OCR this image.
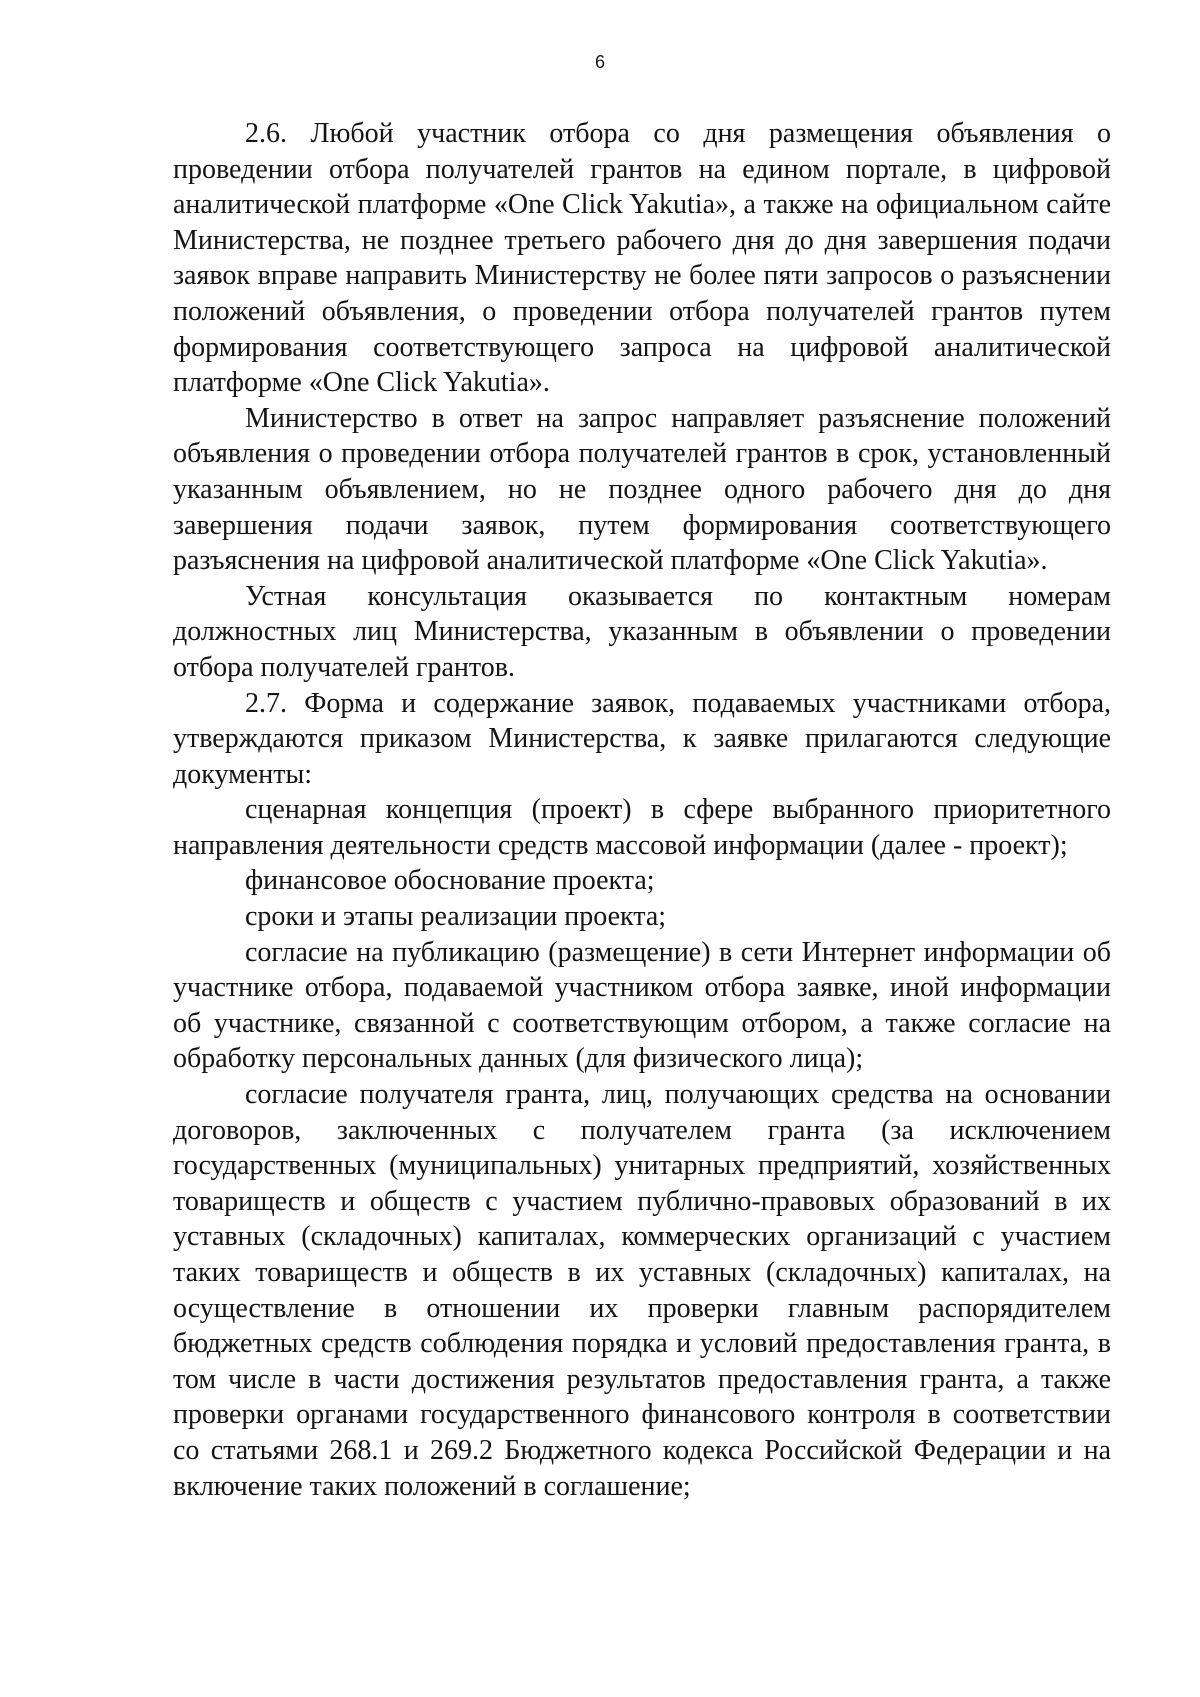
6

2.6. Любой участник отбора со дня размещения объявления о проведении отбора получателей грантов на едином портале, в цифровой аналитической платформе «One Click Yakutia», а также на официальном сайте Министерства, не позднее третьего рабочего дня до дня завершения подачи заявок вправе направить Министерству не более пяти запросов о разъяснении положений объявления, о проведении отбора получателей грантов путем формирования соответствующего запроса на цифровой аналитической платформе «One Click Yakutia».

Министерство в ответ на запрос направляет разъяснение положений объявления о проведении отбора получателей грантов в срок, установленный указанным объявлением, но не позднее одного рабочего дня до дня завершения подачи заявок, путем формирования соответствующего разъяснения на цифровой аналитической платформе «One Click Yakutia».

Устная консультация оказывается по контактным номерам должностных лиц Министерства, указанным в объявлении о проведении отбора получателей грантов.

2.7. Форма и содержание заявок, подаваемых участниками отбора, утверждаются приказом Министерства, к заявке прилагаются следующие документы:

сценарная концепция (проект) в сфере выбранного приоритетного направления деятельности средств массовой информации (далее - проект);

финансовое обоснование проекта;

сроки и этапы реализации проекта;

согласие на публикацию (размещение) в сети Интернет информации об участнике отбора, подаваемой участником отбора заявке, иной информации об участнике, связанной с соответствующим отбором, а также согласие на обработку персональных данных (для физического лица);

согласие получателя гранта, лиц, получающих средства на основании договоров, заключенных с получателем гранта (за исключением государственных (муниципальных) унитарных предприятий, хозяйственных товариществ и обществ с участием публично-правовых образований в их уставных (складочных) капиталах, коммерческих организаций с участием таких товариществ и обществ в их уставных (складочных) капиталах, на осуществление в отношении их проверки главным распорядителем бюджетных средств соблюдения порядка и условий предоставления гранта, в том числе в части достижения результатов предоставления гранта, а также проверки органами государственного финансового контроля в соответствии со статьями 268.1 и 269.2 Бюджетного кодекса Российской Федерации и на включение таких положений в соглашение;
